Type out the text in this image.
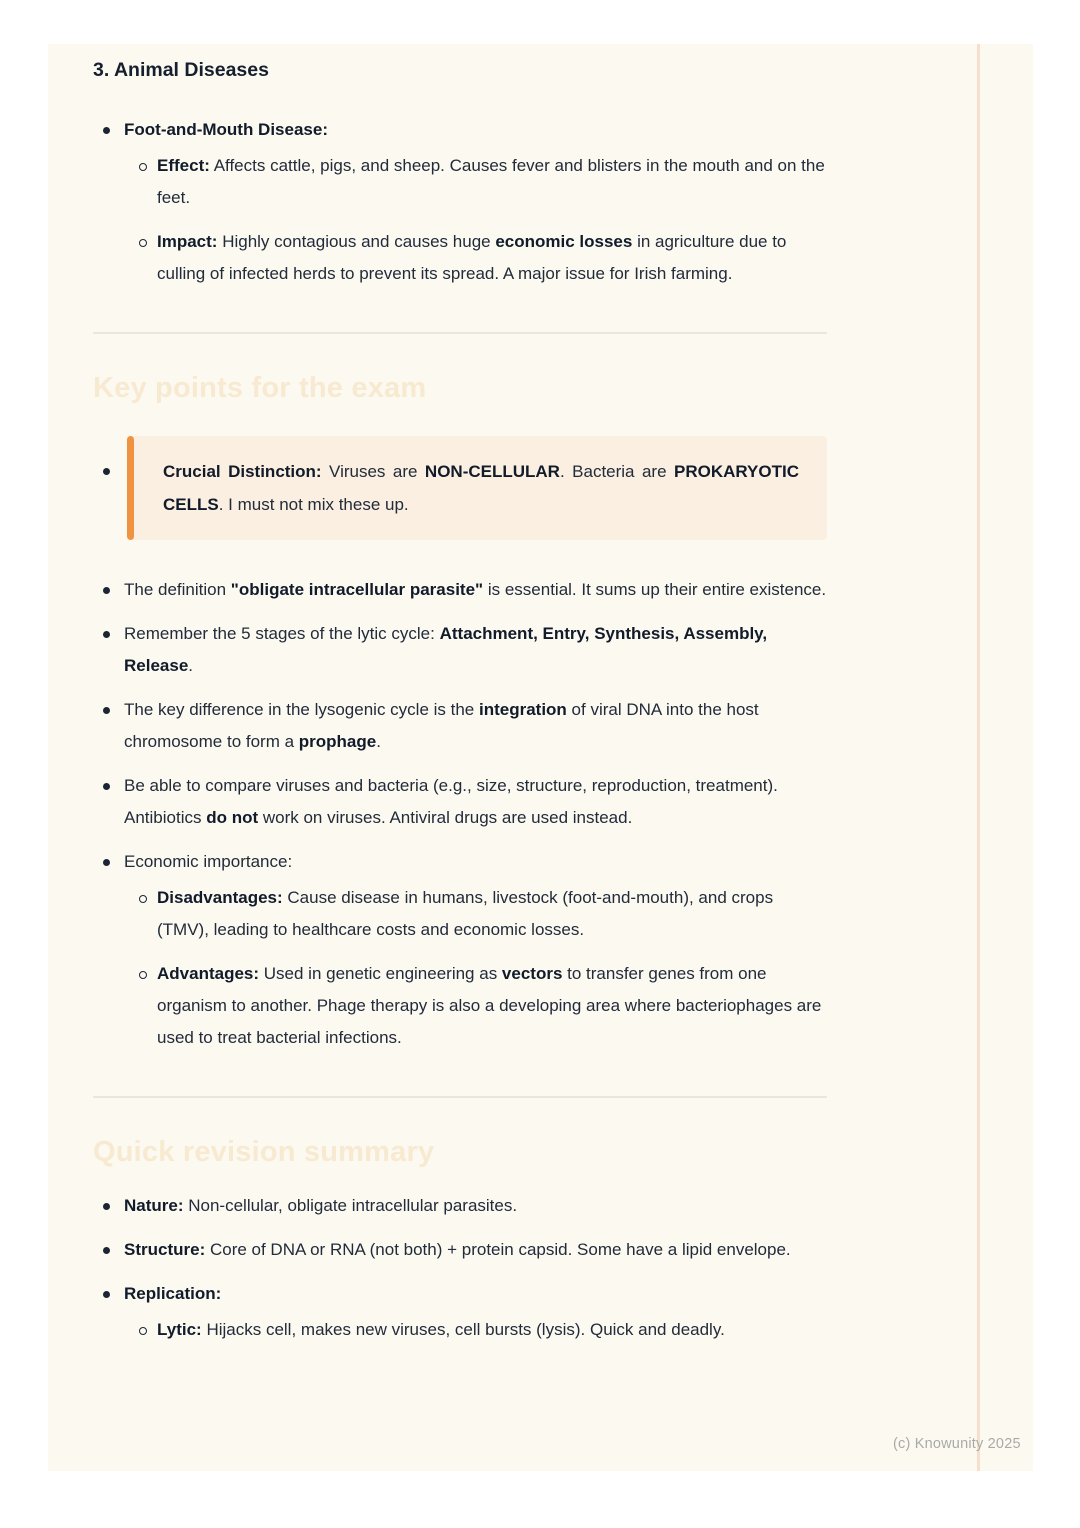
(c) Knowunity 2025
3. Animal Diseases
Foot-and-Mouth Disease:
Effect: Affects cattle, pigs, and sheep. Causes fever and blisters in the mouth and on the feet.
Impact: Highly contagious and causes huge economic losses in agriculture due to culling of infected herds to prevent its spread. A major issue for Irish farming.
Key points for the exam
Crucial Distinction: Viruses are NON-CELLULAR. Bacteria are PROKARYOTIC CELLS. I must not mix these up.
The definition "obligate intracellular parasite" is essential. It sums up their entire existence.
Remember the 5 stages of the lytic cycle: Attachment, Entry, Synthesis, Assembly, Release.
The key difference in the lysogenic cycle is the integration of viral DNA into the host chromosome to form a prophage.
Be able to compare viruses and bacteria (e.g., size, structure, reproduction, treatment). Antibiotics do not work on viruses. Antiviral drugs are used instead.
Economic importance:
Disadvantages: Cause disease in humans, livestock (foot-and-mouth), and crops (TMV), leading to healthcare costs and economic losses.
Advantages: Used in genetic engineering as vectors to transfer genes from one organism to another. Phage therapy is also a developing area where bacteriophages are used to treat bacterial infections.
Quick revision summary
Nature: Non-cellular, obligate intracellular parasites.
Structure: Core of DNA or RNA (not both) + protein capsid. Some have a lipid envelope.
Replication:
Lytic: Hijacks cell, makes new viruses, cell bursts (lysis). Quick and deadly.
